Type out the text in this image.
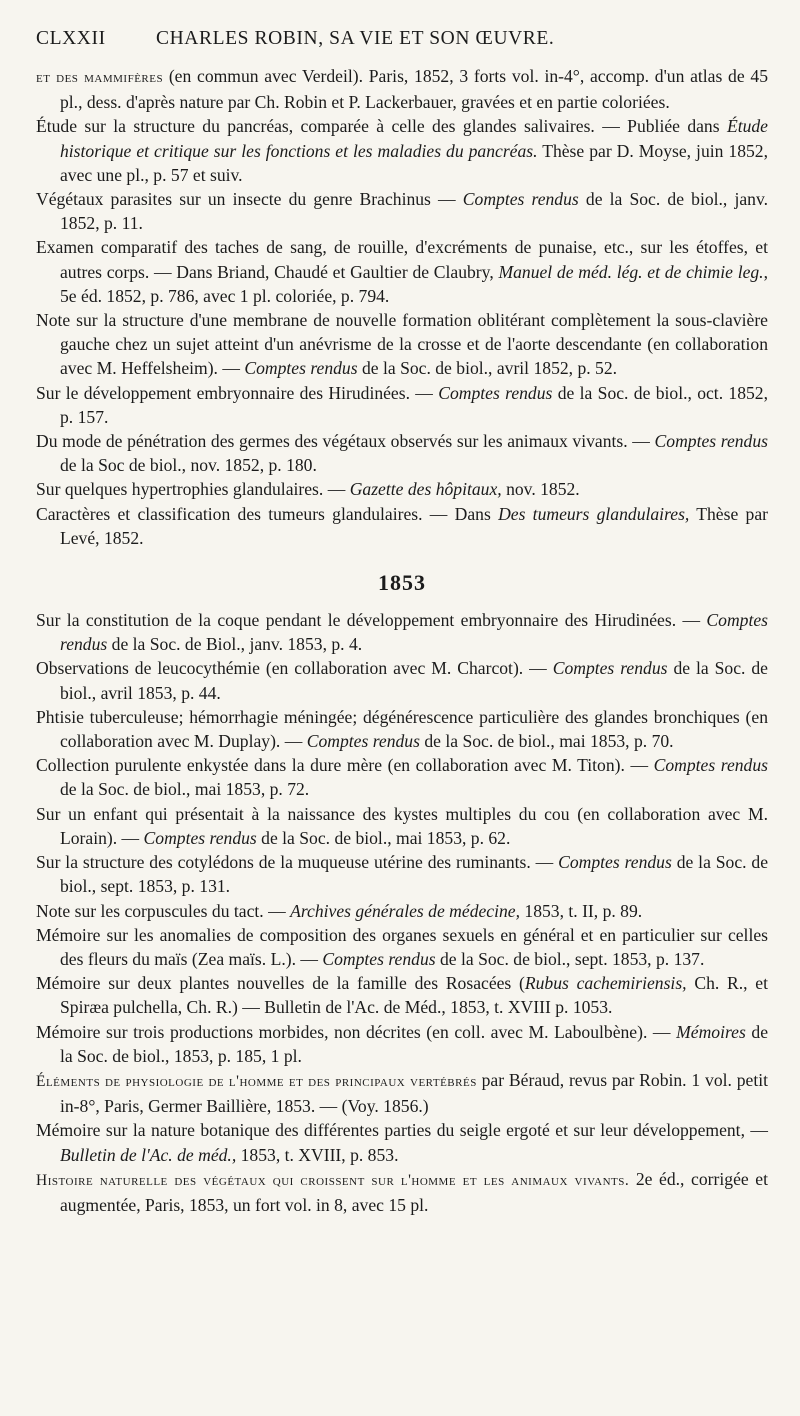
CLXXII	CHARLES ROBIN, SA VIE ET SON ŒUVRE.

et des mammifères (en commun avec Verdeil). Paris, 1852, 3 forts vol. in-4°, accomp. d'un atlas de 45 pl., dess. d'après nature par Ch. Robin et P. Lackerbauer, gravées et en partie coloriées.

Étude sur la structure du pancréas, comparée à celle des glandes salivaires. — Publiée dans Étude historique et critique sur les fonctions et les maladies du pancréas. Thèse par D. Moyse, juin 1852, avec une pl., p. 57 et suiv.

Végétaux parasites sur un insecte du genre Brachinus — Comptes rendus de la Soc. de biol., janv. 1852, p. 11.

Examen comparatif des taches de sang, de rouille, d'excréments de punaise, etc., sur les étoffes, et autres corps. — Dans Briand, Chaudé et Gaultier de Claubry, Manuel de méd. lég. et de chimie leg., 5e éd. 1852, p. 786, avec 1 pl. coloriée, p. 794.

Note sur la structure d'une membrane de nouvelle formation oblitérant complètement la sous-clavière gauche chez un sujet atteint d'un anévrisme de la crosse et de l'aorte descendante (en collaboration avec M. Heffelsheim). — Comptes rendus de la Soc. de biol., avril 1852, p. 52.

Sur le développement embryonnaire des Hirudinées. — Comptes rendus de la Soc. de biol., oct. 1852, p. 157.

Du mode de pénétration des germes des végétaux observés sur les animaux vivants. — Comptes rendus de la Soc de biol., nov. 1852, p. 180.

Sur quelques hypertrophies glandulaires. — Gazette des hôpitaux, nov. 1852.

Caractères et classification des tumeurs glandulaires. — Dans Des tumeurs glandulaires, Thèse par Levé, 1852.

1853

Sur la constitution de la coque pendant le développement embryonnaire des Hirudinées. — Comptes rendus de la Soc. de Biol., janv. 1853, p. 4.

Observations de leucocythémie (en collaboration avec M. Charcot). — Comptes rendus de la Soc. de biol., avril 1853, p. 44.

Phtisie tuberculeuse; hémorrhagie méningée; dégénérescence particulière des glandes bronchiques (en collaboration avec M. Duplay). — Comptes rendus de la Soc. de biol., mai 1853, p. 70.

Collection purulente enkystée dans la dure mère (en collaboration avec M. Titon). — Comptes rendus de la Soc. de biol., mai 1853, p. 72.

Sur un enfant qui présentait à la naissance des kystes multiples du cou (en collaboration avec M. Lorain). — Comptes rendus de la Soc. de biol., mai 1853, p. 62.

Sur la structure des cotylédons de la muqueuse utérine des ruminants. — Comptes rendus de la Soc. de biol., sept. 1853, p. 131.

Note sur les corpuscules du tact. — Archives générales de médecine, 1853, t. II, p. 89.

Mémoire sur les anomalies de composition des organes sexuels en général et en particulier sur celles des fleurs du maïs (Zea maïs. L.). — Comptes rendus de la Soc. de biol., sept. 1853, p. 137.

Mémoire sur deux plantes nouvelles de la famille des Rosacées (Rubus cachemiriensis, Ch. R., et Spiræa pulchella, Ch. R.) — Bulletin de l'Ac. de Méd., 1853, t. XVIII p. 1053.

Mémoire sur trois productions morbides, non décrites (en coll. avec M. Laboulbène). — Mémoires de la Soc. de biol., 1853, p. 185, 1 pl.

Éléments de physiologie de l'homme et des principaux vertébrés par Béraud, revus par Robin. 1 vol. petit in-8°, Paris, Germer Baillière, 1853. — (Voy. 1856.)

Mémoire sur la nature botanique des différentes parties du seigle ergoté et sur leur développement, — Bulletin de l'Ac. de méd., 1853, t. XVIII, p. 853.

Histoire naturelle des végétaux qui croissent sur l'homme et les animaux vivants. 2e éd., corrigée et augmentée, Paris, 1853, un fort vol. in 8, avec 15 pl.
